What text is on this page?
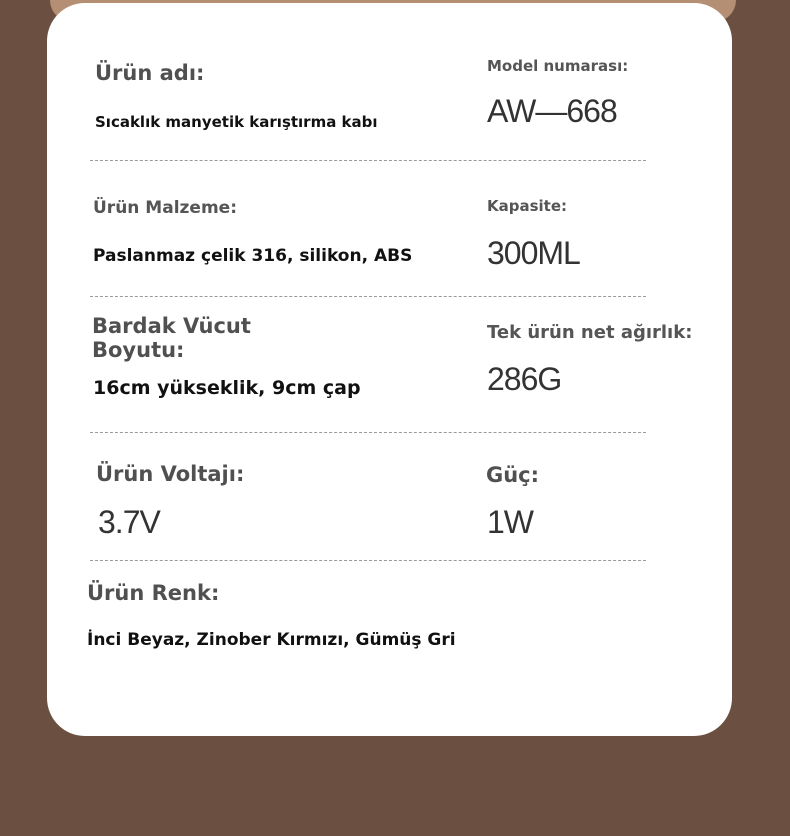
Ürün adı:
Sıcaklık manyetik karıştırma kabı
Model numarası:
AW—668
Ürün Malzeme:
Paslanmaz çelik 316, silikon, ABS
Kapasite:
300ML
Bardak Vücut
Boyutu:
16cm yükseklik, 9cm çap
Tek ürün net ağırlık:
286G
Ürün Voltajı:
3.7V
Güç:
1W
Ürün Renk:
İnci Beyaz, Zinober Kırmızı, Gümüş Gri
